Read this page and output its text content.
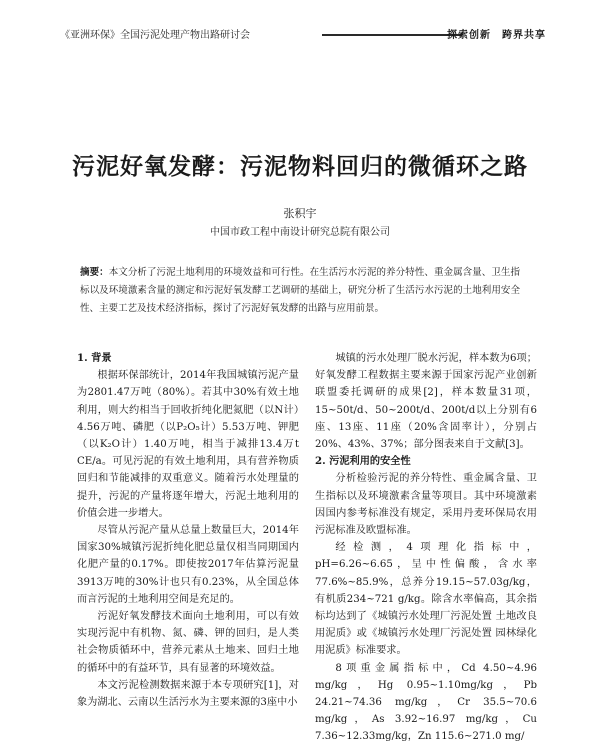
《亚洲环保》全国污泥处理产物出路研讨会	探索创新　跨界共享
污泥好氧发酵：污泥物料回归的微循环之路
张积宇
中国市政工程中南设计研究总院有限公司
摘要：本文分析了污泥土地利用的环境效益和可行性。在生活污水污泥的养分特性、重金属含量、卫生指标以及环境激素含量的测定和污泥好氧发酵工艺调研的基础上，研究分析了生活污水污泥的土地利用安全性、主要工艺及技术经济指标，探讨了污泥好氧发酵的出路与应用前景。
1. 背景

根据环保部统计，2014年我国城镇污泥产量为2801.47万吨（80%）。若其中30%有效土地利用，则大约相当于回收折纯化肥氮肥（以N计）4.56万吨、磷肥（以P₂O₅计）5.53万吨、钾肥（以K₂O计）1.40万吨，相当于减排13.4万t CE/a。可见污泥的有效土地利用，具有营养物质回归和节能减排的双重意义。随着污水处理量的提升，污泥的产量将逐年增大，污泥土地利用的价值会进一步增大。

尽管从污泥产量从总量上数量巨大，2014年国家30%城镇污泥折纯化肥总量仅相当同期国内化肥产量的0.17%。即使按2017年估算污泥量3913万吨的30%计也只有0.23%，从全国总体而言污泥的土地利用空间是充足的。

污泥好氧发酵技术面向土地利用，可以有效实现污泥中有机物、氮、磷、钾的回归，是人类社会物质循环中，营养元素从土地来、回归土地的循环中的有益环节，具有显著的环境效益。

本文污泥检测数据来源于本专项研究[1]，对象为湖北、云南以生活污水为主要来源的3座中小

城镇的污水处理厂脱水污泥，样本数为6项；好氧发酵工程数据主要来源于国家污泥产业创新联盟委托调研的成果[2]，样本数量31项，15~50t/d、50~200t/d、200t/d以上分别有6座、13座、11座（20%含固率计），分别占20%、43%、37%；部分图表来自于文献[3]。

2. 污泥利用的安全性

分析检验污泥的养分特性、重金属含量、卫生指标以及环境激素含量等项目。其中环境激素因国内参考标准没有规定，采用丹麦环保局农用污泥标准及欧盟标准。

经检测，4项理化指标中，pH=6.26~6.65，呈中性偏酸，含水率77.6%~85.9%，总养分19.15~57.03g/kg，有机质234~721 g/kg。除含水率偏高，其余指标均达到了《城镇污水处理厂污泥处置 土地改良用泥质》或《城镇污水处理厂污泥处置 园林绿化用泥质》标准要求。

8项重金属指标中，Cd 4.50~4.96 mg/kg，Hg 0.95~1.10mg/kg，Pb 24.21~74.36 mg/kg，Cr 35.5~70.6 mg/kg，As 3.92~16.97 mg/kg，Cu 7.36~12.33mg/kg，Zn 115.6~271.0 mg/
